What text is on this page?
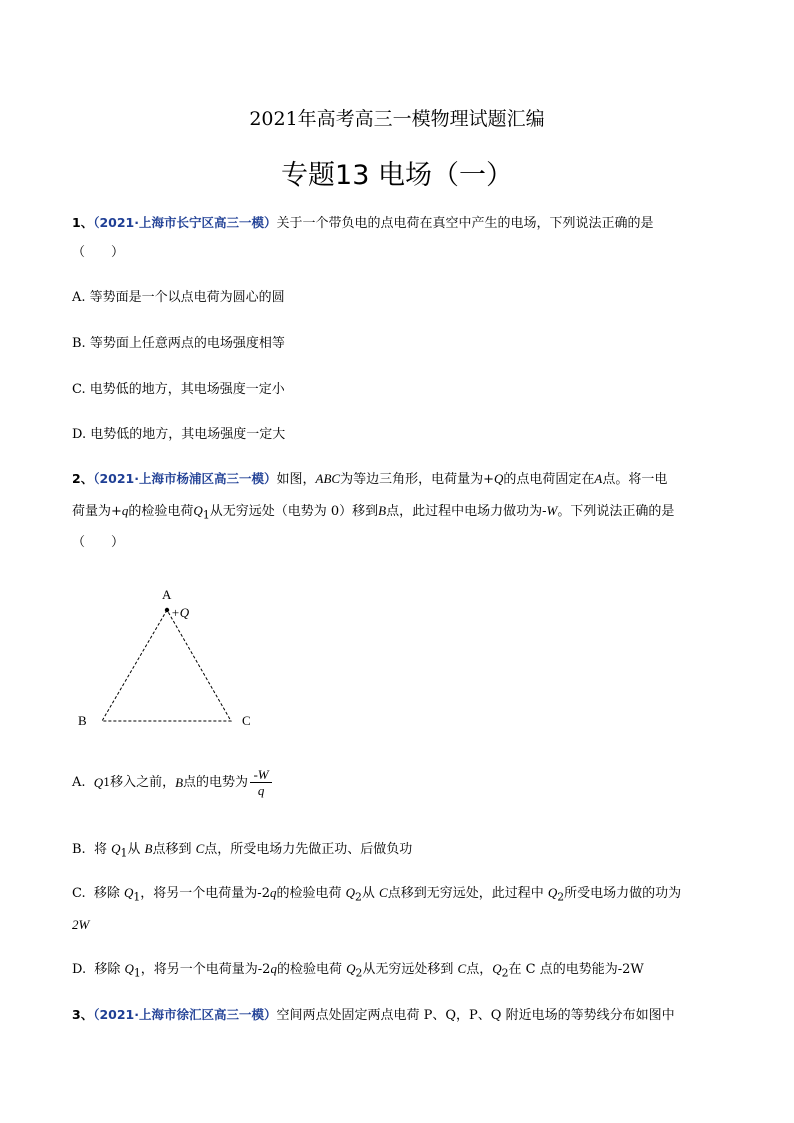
2021年高考高三一模物理试题汇编
专题13 电场（一）
1、（2021·上海市长宁区高三一模）关于一个带负电的点电荷在真空中产生的电场，下列说法正确的是
（　　）
A. 等势面是一个以点电荷为圆心的圆
B. 等势面上任意两点的电场强度相等
C. 电势低的地方，其电场强度一定小
D. 电势低的地方，其电场强度一定大
2、（2021·上海市杨浦区高三一模）如图，ABC为等边三角形，电荷量为+Q的点电荷固定在A点。将一电
荷量为+q的检验电荷$Q_1$从无穷远处（电势为 0）移到B点，此过程中电场力做功为-W。下列说法正确的是
（　　）
A
+Q
B	C
A. Q 1 移入之前， B 点的电势为 $\frac{-W}{q}$
B.  将 $Q_1$从 B点移到 C点，所受电场力先做正功、后做负功
C.  移除 $Q_1$，将另一个电荷量为-2q的检验电荷 $Q_2$从 C点移到无穷远处，此过程中 $Q_2$所受电场力做的功为
2W
D.  移除 $Q_1$，将另一个电荷量为-2q的检验电荷 $Q_2$从无穷远处移到 C点，$Q_2$在 C 点的电势能为-2W
3、（2021·上海市徐汇区高三一模）空间两点处固定两点电荷 P、Q，P、Q 附近电场的等势线分布如图中
